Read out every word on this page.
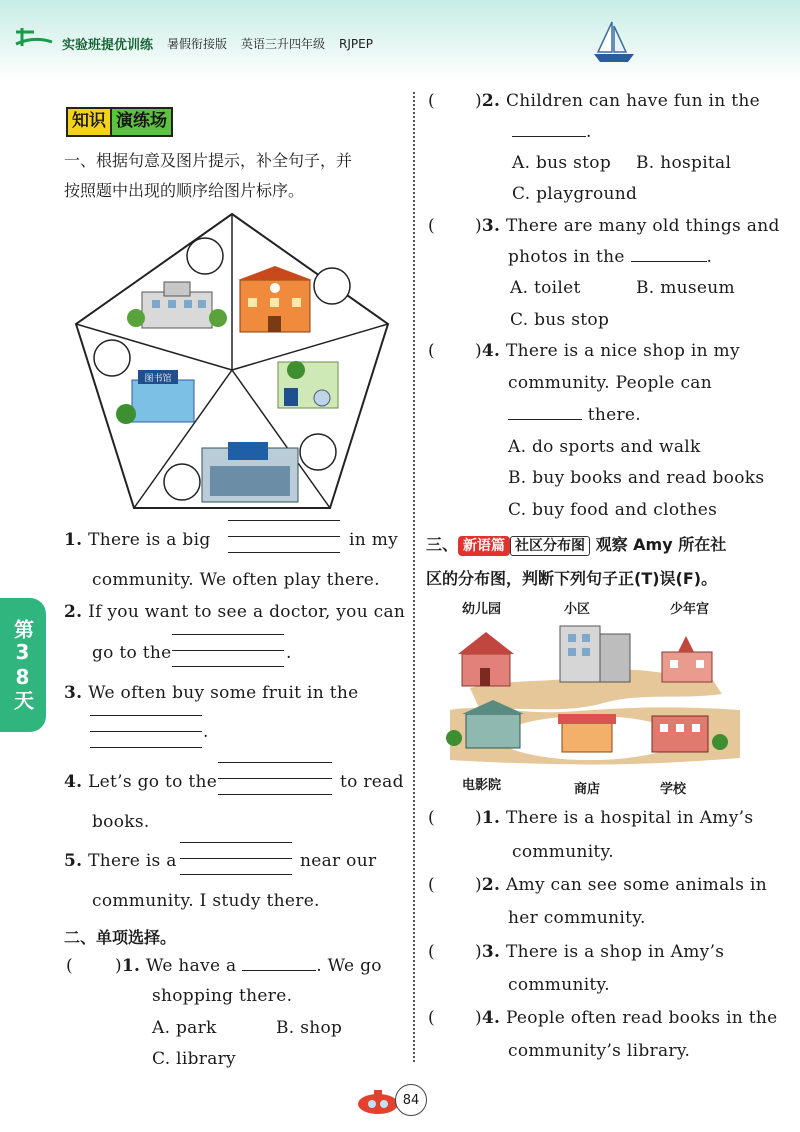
实验班提优训练 暑假衔接版 英语三升四年级 RJPEP
知识 演练场
一、根据句意及图片提示，补全句子，并
按照题中出现的顺序给图片标序。
图书馆
1. There is a big	in my
community. We often play there.
2. If you want to see a doctor, you can
go to the	.
3. We often buy some fruit in the
.
4. Let’s go to the	to read
books.
5. There is a	near our
community. I study there.
二、单项选择。
( )1. We have a	. We go
shopping there.
A. park	B. shop
C. library
第38天
( )2. Children can have fun in the
.
A. bus stop B. hospital
C. playground
( )3. There are many old things and
photos in the	.
A. toilet	B. museum
C. bus stop
( )4. There is a nice shop in my
community. People can
there.
A. do sports and walk
B. buy books and read books
C. buy food and clothes
三、 新语篇 社区分布图 观察 Amy 所在社
区的分布图，判断下列句子正(T)误(F)。
幼儿园	小区	少年宫
电影院	商店	学校
( )1. There is a hospital in Amy’s
community.
( )2. Amy can see some animals in
her community.
( )3. There is a shop in Amy’s
community.
( )4. People often read books in the
community’s library.
84
